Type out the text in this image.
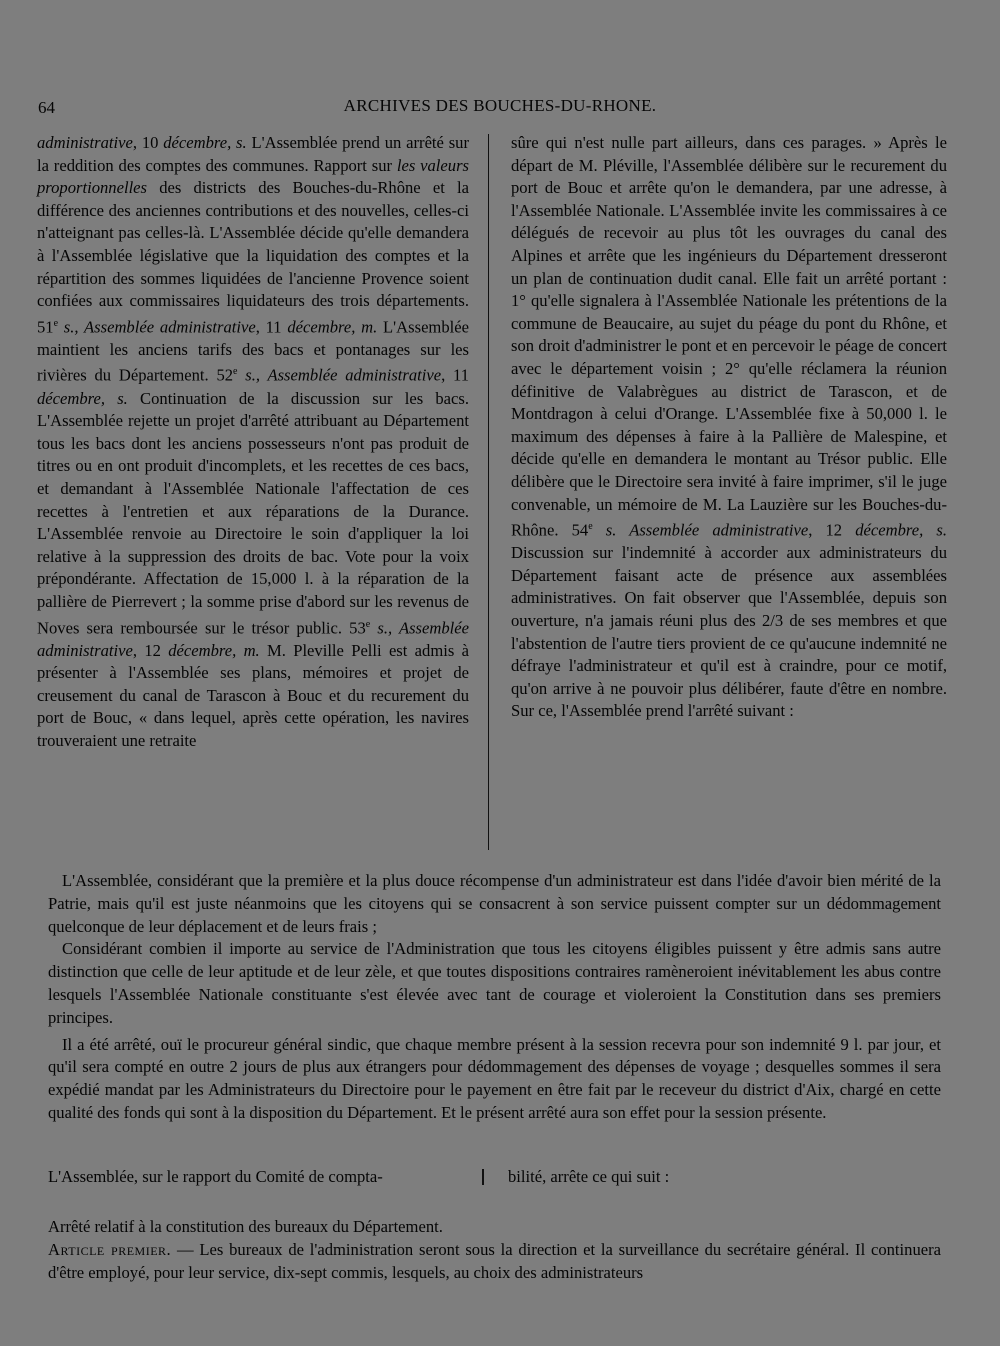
64	ARCHIVES DES BOUCHES-DU-RHONE.

administrative, 10 décembre, s. L'Assemblée prend un arrêté sur la reddition des comptes des communes. Rapport sur les valeurs proportionnelles des districts des Bouches-du-Rhône et la différence des anciennes contributions et des nouvelles, celles-ci n'atteignant pas celles-là. L'Assemblée décide qu'elle demandera à l'Assemblée législative que la liquidation des comptes et la répartition des sommes liquidées de l'ancienne Provence soient confiées aux commissaires liquidateurs des trois départements. 51e s., Assemblée administrative, 11 décembre, m. L'Assemblée maintient les anciens tarifs des bacs et pontanages sur les rivières du Département. 52e s., Assemblée administrative, 11 décembre, s. Continuation de la discussion sur les bacs. L'Assemblée rejette un projet d'arrêté attribuant au Département tous les bacs dont les anciens possesseurs n'ont pas produit de titres ou en ont produit d'incomplets, et les recettes de ces bacs, et demandant à l'Assemblée Nationale l'affectation de ces recettes à l'entretien et aux réparations de la Durance. L'Assemblée renvoie au Directoire le soin d'appliquer la loi relative à la suppression des droits de bac. Vote pour la voix prépondérante. Affectation de 15,000 l. à la réparation de la pallière de Pierrevert ; la somme prise d'abord sur les revenus de Noves sera remboursée sur le trésor public. 53e s., Assemblée administrative, 12 décembre, m. M. Pleville Pelli est admis à présenter à l'Assemblée ses plans, mémoires et projet de creusement du canal de Tarascon à Bouc et du recurement du port de Bouc, « dans lequel, après cette opération, les navires trouveraient une retraite

sûre qui n'est nulle part ailleurs, dans ces parages. » Après le départ de M. Pléville, l'Assemblée délibère sur le recurement du port de Bouc et arrête qu'on le demandera, par une adresse, à l'Assemblée Nationale. L'Assemblée invite les commissaires à ce délégués de recevoir au plus tôt les ouvrages du canal des Alpines et arrête que les ingénieurs du Département dresseront un plan de continuation dudit canal. Elle fait un arrêté portant : 1° qu'elle signalera à l'Assemblée Nationale les prétentions de la commune de Beaucaire, au sujet du péage du pont du Rhône, et son droit d'administrer le pont et en percevoir le péage de concert avec le département voisin ; 2° qu'elle réclamera la réunion définitive de Valabrègues au district de Tarascon, et de Montdragon à celui d'Orange. L'Assemblée fixe à 50,000 l. le maximum des dépenses à faire à la Pallière de Malespine, et décide qu'elle en demandera le montant au Trésor public. Elle délibère que le Directoire sera invité à faire imprimer, s'il le juge convenable, un mémoire de M. La Lauzière sur les Bouches-du-Rhône. 54e s. Assemblée administrative, 12 décembre, s. Discussion sur l'indemnité à accorder aux administrateurs du Département faisant acte de présence aux assemblées administratives. On fait observer que l'Assemblée, depuis son ouverture, n'a jamais réuni plus des 2/3 de ses membres et que l'abstention de l'autre tiers provient de ce qu'aucune indemnité ne défraye l'administrateur et qu'il est à craindre, pour ce motif, qu'on arrive à ne pouvoir plus délibérer, faute d'être en nombre. Sur ce, l'Assemblée prend l'arrêté suivant :

L'Assemblée, considérant que la première et la plus douce récompense d'un administrateur est dans l'idée d'avoir bien mérité de la Patrie, mais qu'il est juste néanmoins que les citoyens qui se consacrent à son service puissent compter sur un dédommagement quelconque de leur déplacement et de leurs frais ;

Considérant combien il importe au service de l'Administration que tous les citoyens éligibles puissent y être admis sans autre distinction que celle de leur aptitude et de leur zèle, et que toutes dispositions contraires ramèneroient inévitablement les abus contre lesquels l'Assemblée Nationale constituante s'est élevée avec tant de courage et violeroient la Constitution dans ses premiers principes.

Il a été arrêté, ouï le procureur général sindic, que chaque membre présent à la session recevra pour son indemnité 9 l. par jour, et qu'il sera compté en outre 2 jours de plus aux étrangers pour dédommagement des dépenses de voyage ; desquelles sommes il sera expédié mandat par les Administrateurs du Directoire pour le payement en être fait par le receveur du district d'Aix, chargé en cette qualité des fonds qui sont à la disposition du Département. Et le présent arrêté aura son effet pour la session présente.

L'Assemblée, sur le rapport du Comité de compta-	bilité, arrête ce qui suit :

Arrêté relatif à la constitution des bureaux du Département.

Article premier. — Les bureaux de l'administration seront sous la direction et la surveillance du secrétaire général. Il continuera d'être employé, pour leur service, dix-sept commis, lesquels, au choix des administrateurs
